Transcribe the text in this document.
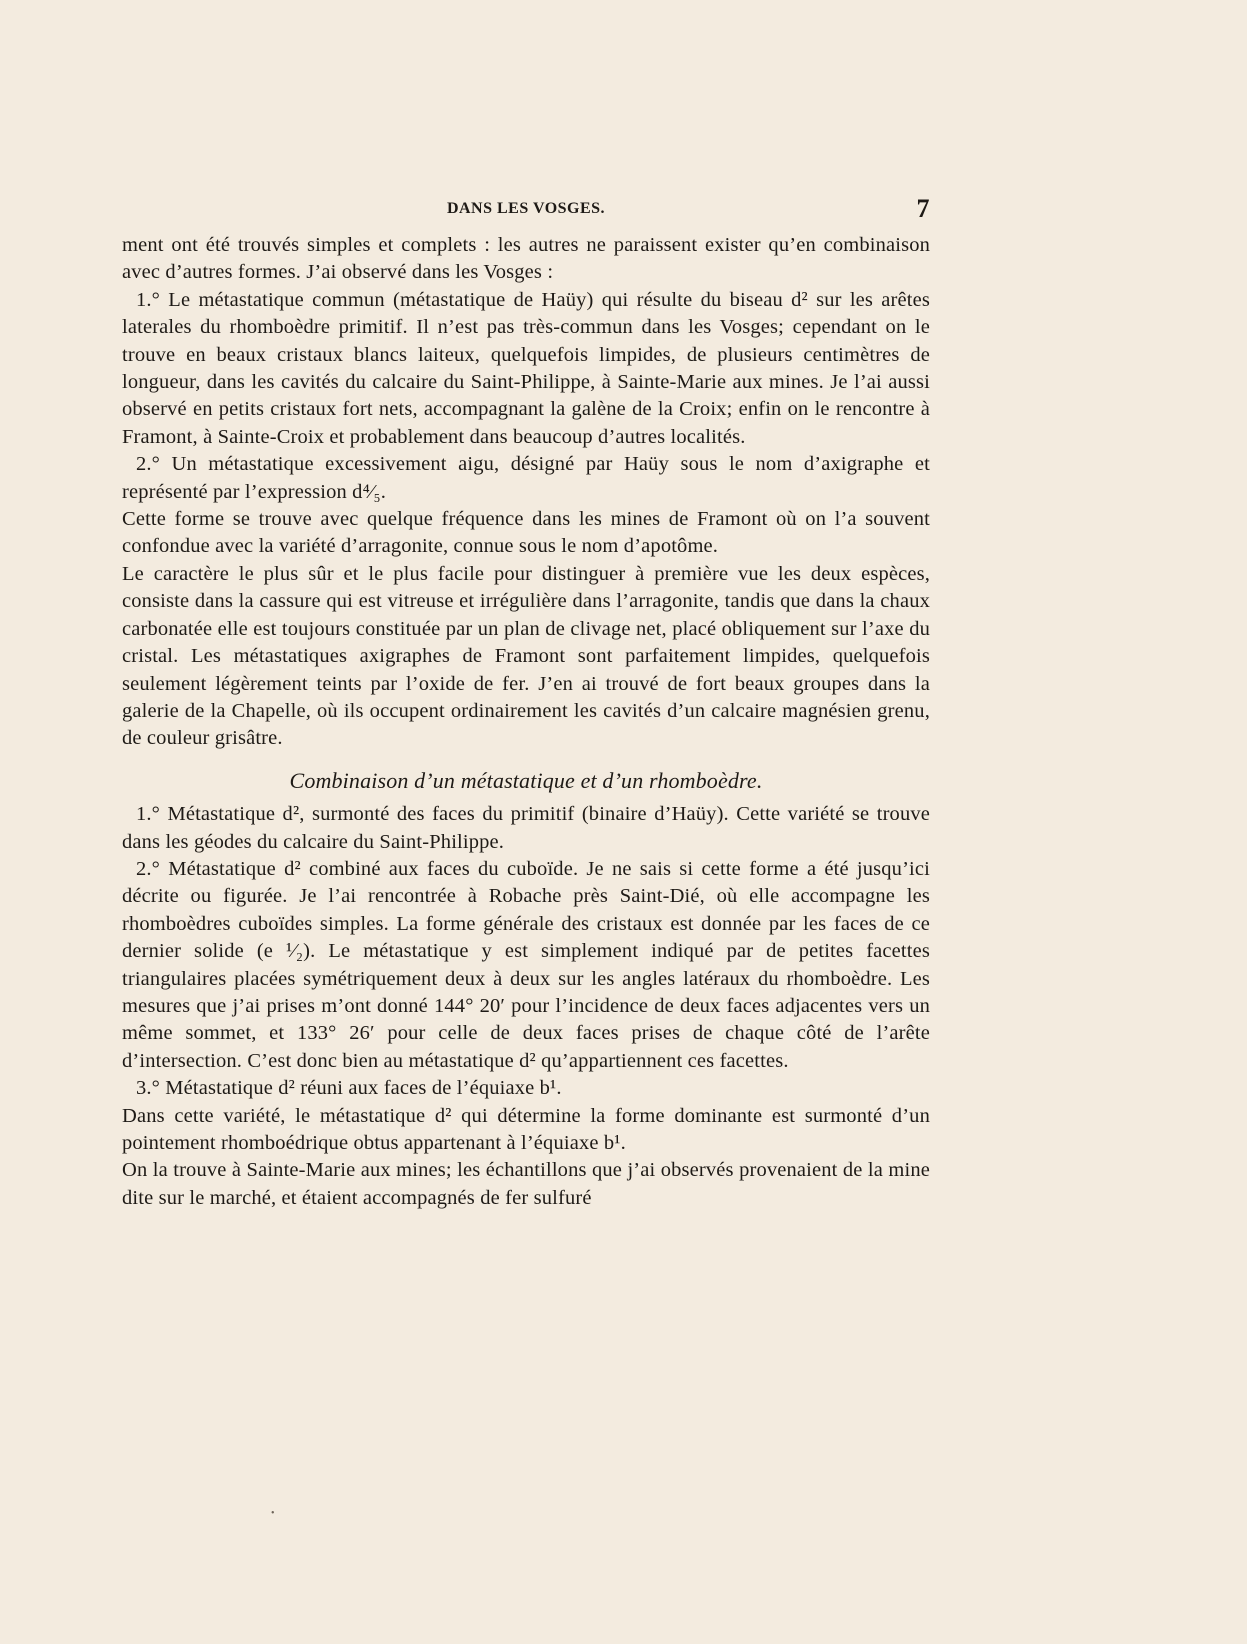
DANS LES VOSGES.	7

ment ont été trouvés simples et complets : les autres ne paraissent exister qu’en combinaison avec d’autres formes. J’ai observé dans les Vosges :

1.° Le métastatique commun (métastatique de Haüy) qui résulte du biseau d² sur les arêtes laterales du rhomboèdre primitif. Il n’est pas très-commun dans les Vosges; cependant on le trouve en beaux cristaux blancs laiteux, quelquefois limpides, de plusieurs centimètres de longueur, dans les cavités du calcaire du Saint-Philippe, à Sainte-Marie aux mines. Je l’ai aussi observé en petits cristaux fort nets, accompagnant la galène de la Croix; enfin on le rencontre à Framont, à Sainte-Croix et probablement dans beaucoup d’autres localités.

2.° Un métastatique excessivement aigu, désigné par Haüy sous le nom d’axigraphe et représenté par l’expression d⁴⁄₅.

Cette forme se trouve avec quelque fréquence dans les mines de Framont où on l’a souvent confondue avec la variété d’arragonite, connue sous le nom d’apotôme.

Le caractère le plus sûr et le plus facile pour distinguer à première vue les deux espèces, consiste dans la cassure qui est vitreuse et irrégulière dans l’arragonite, tandis que dans la chaux carbonatée elle est toujours constituée par un plan de clivage net, placé obliquement sur l’axe du cristal. Les métastatiques axigraphes de Framont sont parfaitement limpides, quelquefois seulement légèrement teints par l’oxide de fer. J’en ai trouvé de fort beaux groupes dans la galerie de la Chapelle, où ils occupent ordinairement les cavités d’un calcaire magnésien grenu, de couleur grisâtre.

Combinaison d’un métastatique et d’un rhomboèdre.

1.° Métastatique d², surmonté des faces du primitif (binaire d’Haüy). Cette variété se trouve dans les géodes du calcaire du Saint-Philippe.

2.° Métastatique d² combiné aux faces du cuboïde. Je ne sais si cette forme a été jusqu’ici décrite ou figurée. Je l’ai rencontrée à Robache près Saint-Dié, où elle accompagne les rhomboèdres cuboïdes simples. La forme générale des cristaux est donnée par les faces de ce dernier solide (e ¹⁄₂). Le métastatique y est simplement indiqué par de petites facettes triangulaires placées symétriquement deux à deux sur les angles latéraux du rhomboèdre. Les mesures que j’ai prises m’ont donné 144° 20′ pour l’incidence de deux faces adjacentes vers un même sommet, et 133° 26′ pour celle de deux faces prises de chaque côté de l’arête d’intersection. C’est donc bien au métastatique d² qu’appartiennent ces facettes.

3.° Métastatique d² réuni aux faces de l’équiaxe b¹.

Dans cette variété, le métastatique d² qui détermine la forme dominante est surmonté d’un pointement rhomboédrique obtus appartenant à l’équiaxe b¹.

On la trouve à Sainte-Marie aux mines; les échantillons que j’ai observés provenaient de la mine dite sur le marché, et étaient accompagnés de fer sulfuré

•
